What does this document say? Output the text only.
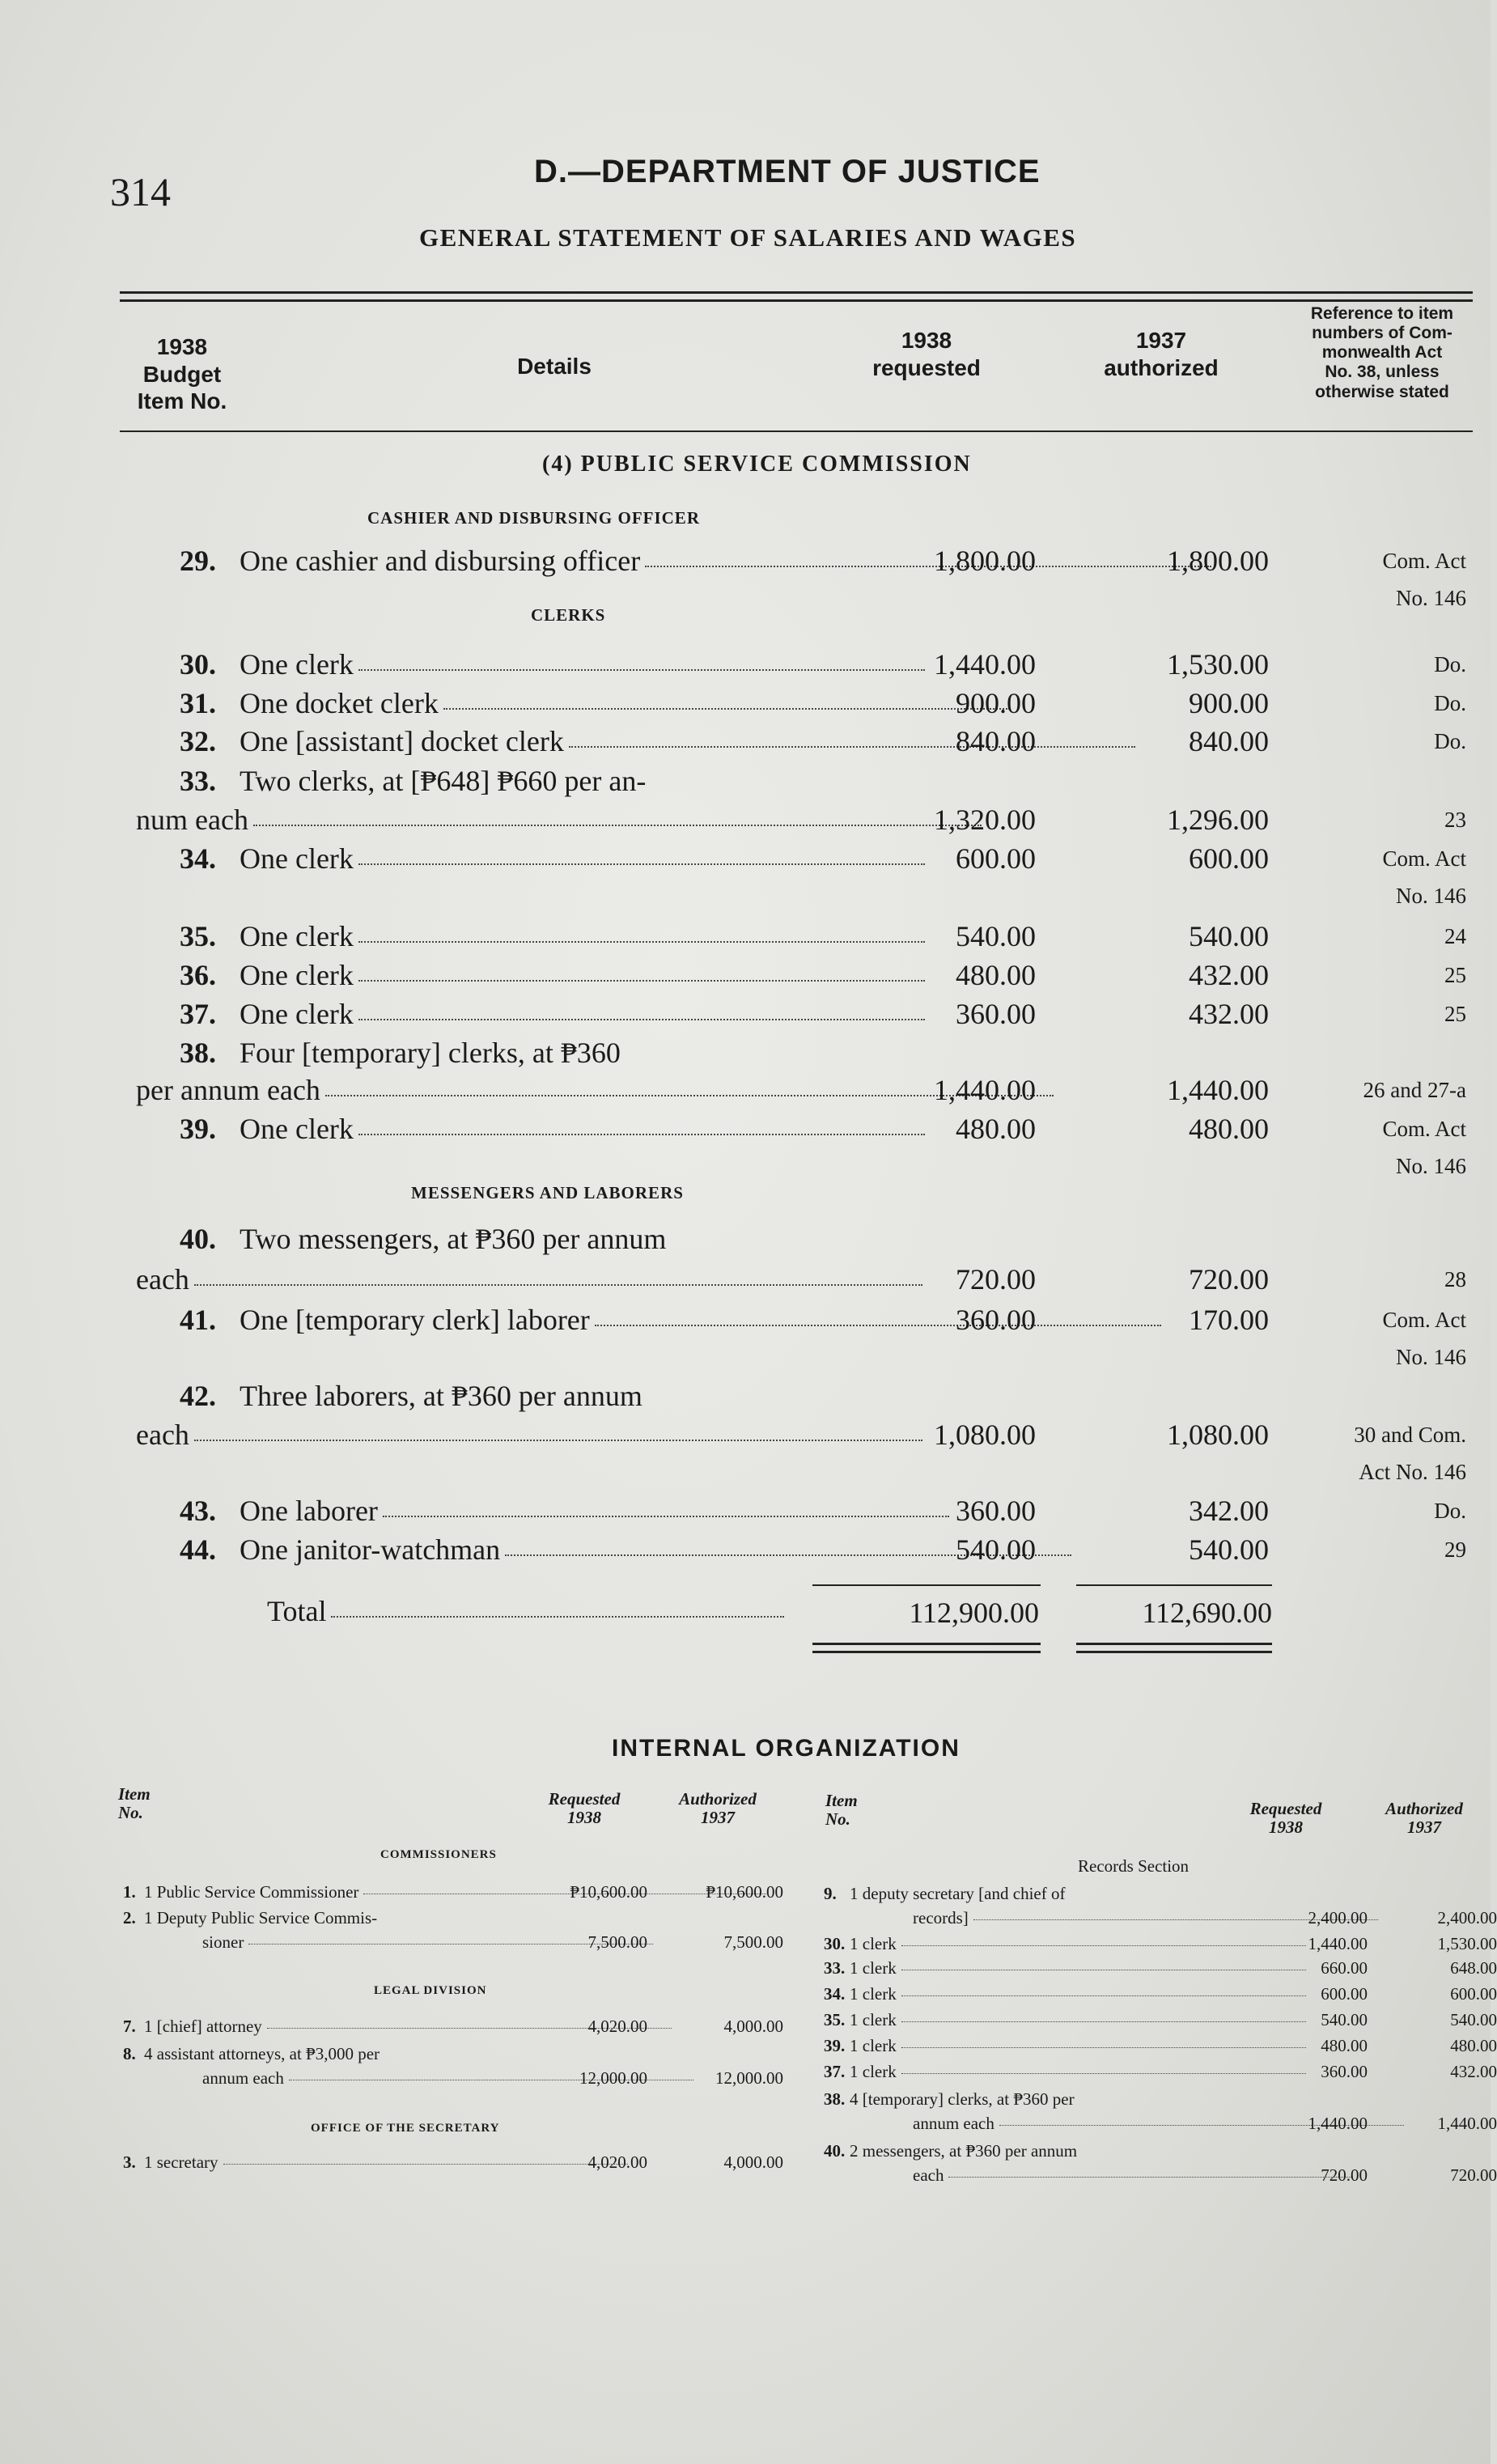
314	D.—DEPARTMENT OF JUSTICE
GENERAL STATEMENT OF SALARIES AND WAGES
1938
Budget
Item No.
Details
1938
requested
1937
authorized
Reference to item
numbers of Com-
monwealth Act
No. 38, unless
otherwise stated
(4) PUBLIC SERVICE COMMISSION
CASHIER AND DISBURSING OFFICER
29. One cashier and disbursing officer	1,800.00	1,800.00	Com. Act
No. 146
30. One clerk	1,440.00	1,530.00	Do.
31. One docket clerk	900.00	900.00	Do.
32. One [assistant] docket clerk	840.00	840.00	Do.
33. Two clerks, at [₱648] ₱660 per an-
num each	1,320.00	1,296.00	23
34. One clerk	600.00	600.00	Com. Act
No. 146
35. One clerk	540.00	540.00	24
36. One clerk	480.00	432.00	25
37. One clerk	360.00	432.00	25
38. Four [temporary] clerks, at ₱360
per annum each	1,440.00	1,440.00	26 and 27-a
39. One clerk	480.00	480.00	Com. Act
No. 146
40. Two messengers, at ₱360 per annum
each	720.00	720.00	28
41. One [temporary clerk] laborer	360.00	170.00	Com. Act
No. 146
42. Three laborers, at ₱360 per annum
each	1,080.00	1,080.00	30 and Com.
Act No. 146
43. One laborer	360.00	342.00	Do.
44. One janitor-watchman	540.00	540.00	29
CLERKS
MESSENGERS AND LABORERS
Total	112,900.00	112,690.00
INTERNAL ORGANIZATION
Item
No.
Requested
1938
Authorized
1937
Item
No.
Requested
1938
Authorized
1937
COMMISSIONERS
LEGAL DIVISION
OFFICE OF THE SECRETARY
Records Section
1. 1 Public Service Commissioner	₱10,600.00	₱10,600.00
2. 1 Deputy Public Service Commis-
sioner	7,500.00	7,500.00
7. 1 [chief] attorney	4,020.00	4,000.00
8. 4 assistant attorneys, at ₱3,000 per
annum each	12,000.00	12,000.00
3. 1 secretary	4,020.00	4,000.00
9. 1 deputy secretary [and chief of
records]	2,400.00	2,400.00
30. 1 clerk	1,440.00	1,530.00
33. 1 clerk	660.00	648.00
34. 1 clerk	600.00	600.00
35. 1 clerk	540.00	540.00
39. 1 clerk	480.00	480.00
37. 1 clerk	360.00	432.00
38. 4 [temporary] clerks, at ₱360 per
annum each	1,440.00	1,440.00
40. 2 messengers, at ₱360 per annum
each	720.00	720.00
